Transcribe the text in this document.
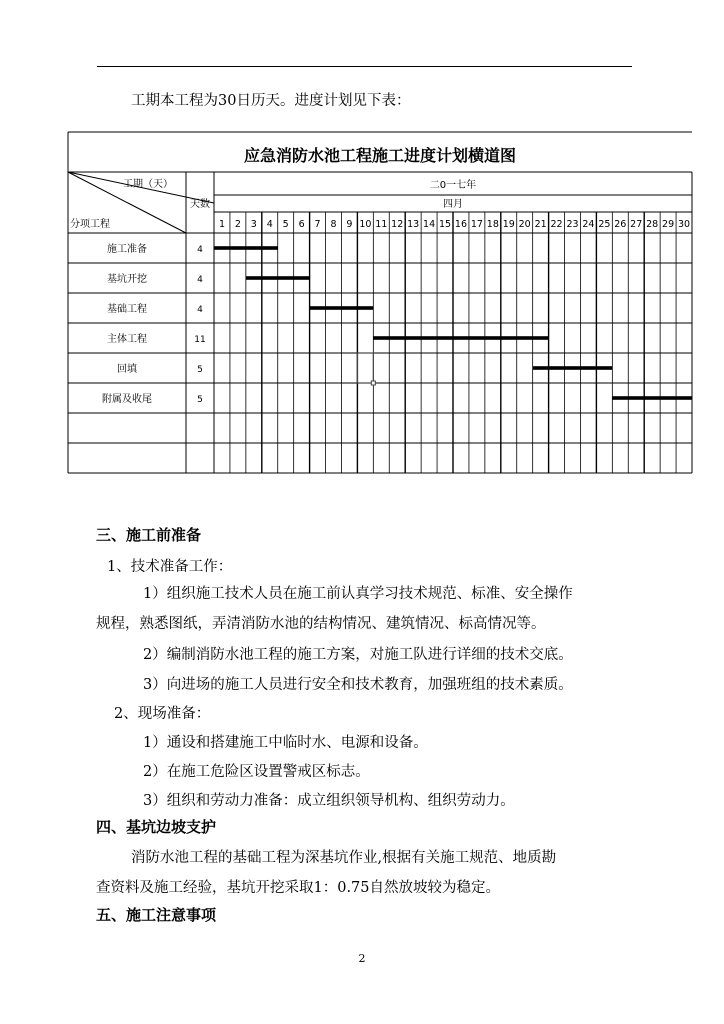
工期本工程为30日历天。进度计划见下表：
应急消防水池工程施工进度计划横道图
工期（天）
天数
分项工程
二0一七年
四月
1 2 3 4 5 6 7 8 9 10 11 12 13 14 15 16 17 18 19 20 21 22 23 24 25 26 27 28 29 30
施工准备	4
基坑开挖	4
基础工程	4
主体工程	11
回填	5
附属及收尾	5
三、施工前准备
1、技术准备工作：
1）组织施工技术人员在施工前认真学习技术规范、标准、安全操作
规程，熟悉图纸，弄清消防水池的结构情况、建筑情况、标高情况等。
2）编制消防水池工程的施工方案，对施工队进行详细的技术交底。
3）向进场的施工人员进行安全和技术教育，加强班组的技术素质。
2、现场准备：
1）通设和搭建施工中临时水、电源和设备。
2）在施工危险区设置警戒区标志。
3）组织和劳动力准备：成立组织领导机构、组织劳动力。
四、基坑边坡支护
消防水池工程的基础工程为深基坑作业,根据有关施工规范、地质勘
查资料及施工经验，基坑开挖采取1：0.75自然放坡较为稳定。
五、施工注意事项
2
